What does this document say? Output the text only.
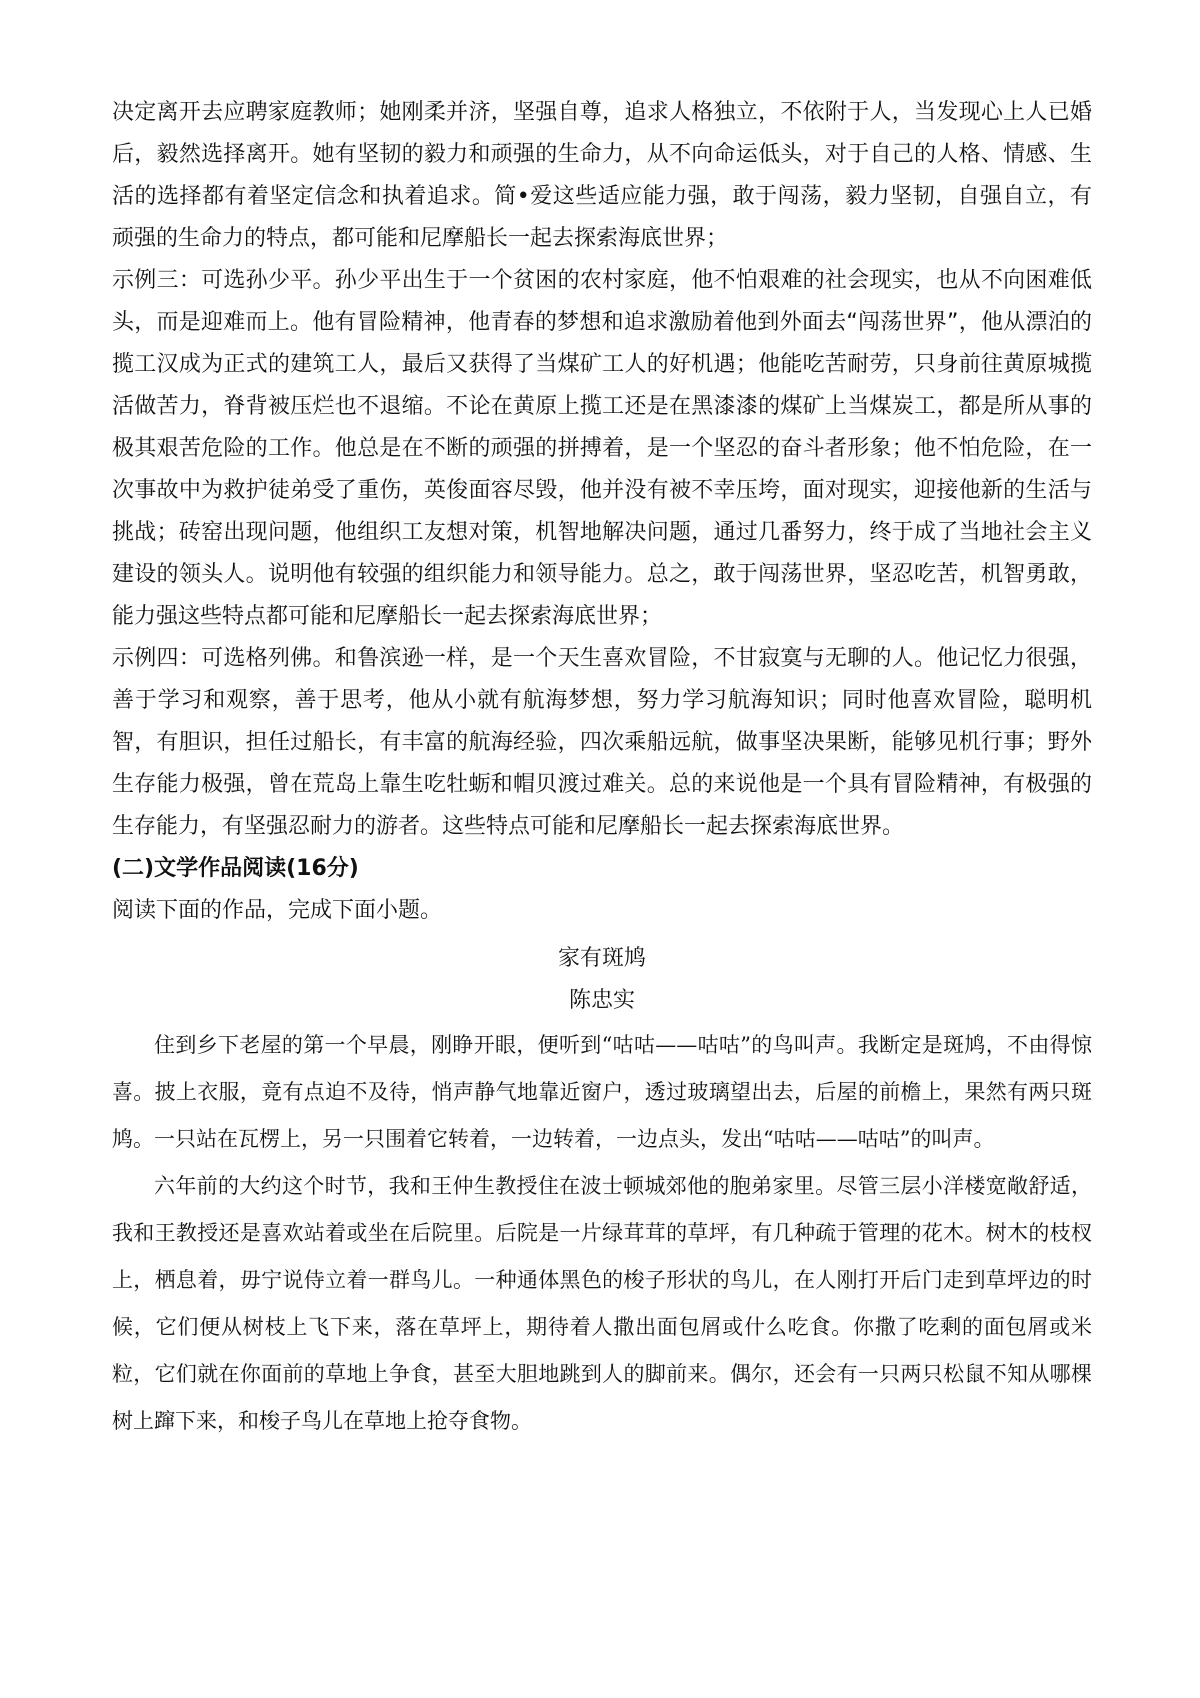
决定离开去应聘家庭教师；她刚柔并济，坚强自尊，追求人格独立，不依附于人，当发现心上人已婚后，毅然选择离开。她有坚韧的毅力和顽强的生命力，从不向命运低头，对于自己的人格、情感、生活的选择都有着坚定信念和执着追求。简•爱这些适应能力强，敢于闯荡，毅力坚韧，自强自立，有顽强的生命力的特点，都可能和尼摩船长一起去探索海底世界；

示例三：可选孙少平。孙少平出生于一个贫困的农村家庭，他不怕艰难的社会现实，也从不向困难低头，而是迎难而上。他有冒险精神，他青春的梦想和追求激励着他到外面去“闯荡世界”，他从漂泊的揽工汉成为正式的建筑工人，最后又获得了当煤矿工人的好机遇；他能吃苦耐劳，只身前往黄原城揽活做苦力，脊背被压烂也不退缩。不论在黄原上揽工还是在黑漆漆的煤矿上当煤炭工，都是所从事的极其艰苦危险的工作。他总是在不断的顽强的拼搏着，是一个坚忍的奋斗者形象；他不怕危险，在一次事故中为救护徒弟受了重伤，英俊面容尽毁，他并没有被不幸压垮，面对现实，迎接他新的生活与挑战；砖窑出现问题，他组织工友想对策，机智地解决问题，通过几番努力，终于成了当地社会主义建设的领头人。说明他有较强的组织能力和领导能力。总之，敢于闯荡世界，坚忍吃苦，机智勇敢，能力强这些特点都可能和尼摩船长一起去探索海底世界；

示例四：可选格列佛。和鲁滨逊一样，是一个天生喜欢冒险，不甘寂寞与无聊的人。他记忆力很强，善于学习和观察，善于思考，他从小就有航海梦想，努力学习航海知识；同时他喜欢冒险，聪明机智，有胆识，担任过船长，有丰富的航海经验，四次乘船远航，做事坚决果断，能够见机行事；野外生存能力极强，曾在荒岛上靠生吃牡蛎和帽贝渡过难关。总的来说他是一个具有冒险精神，有极强的生存能力，有坚强忍耐力的游者。这些特点可能和尼摩船长一起去探索海底世界。

(二)文学作品阅读(16分)

阅读下面的作品，完成下面小题。

家有斑鸠

陈忠实

住到乡下老屋的第一个早晨，刚睁开眼，便听到“咕咕——咕咕”的鸟叫声。我断定是斑鸠，不由得惊喜。披上衣服，竟有点迫不及待，悄声静气地靠近窗户，透过玻璃望出去，后屋的前檐上，果然有两只斑鸠。一只站在瓦楞上，另一只围着它转着，一边转着，一边点头，发出“咕咕——咕咕”的叫声。

六年前的大约这个时节，我和王仲生教授住在波士顿城郊他的胞弟家里。尽管三层小洋楼宽敞舒适，我和王教授还是喜欢站着或坐在后院里。后院是一片绿茸茸的草坪，有几种疏于管理的花木。树木的枝杈上，栖息着，毋宁说侍立着一群鸟儿。一种通体黑色的梭子形状的鸟儿，在人刚打开后门走到草坪边的时候，它们便从树枝上飞下来，落在草坪上，期待着人撒出面包屑或什么吃食。你撒了吃剩的面包屑或米粒，它们就在你面前的草地上争食，甚至大胆地跳到人的脚前来。偶尔，还会有一只两只松鼠不知从哪棵树上蹿下来，和梭子鸟儿在草地上抢夺食物。
